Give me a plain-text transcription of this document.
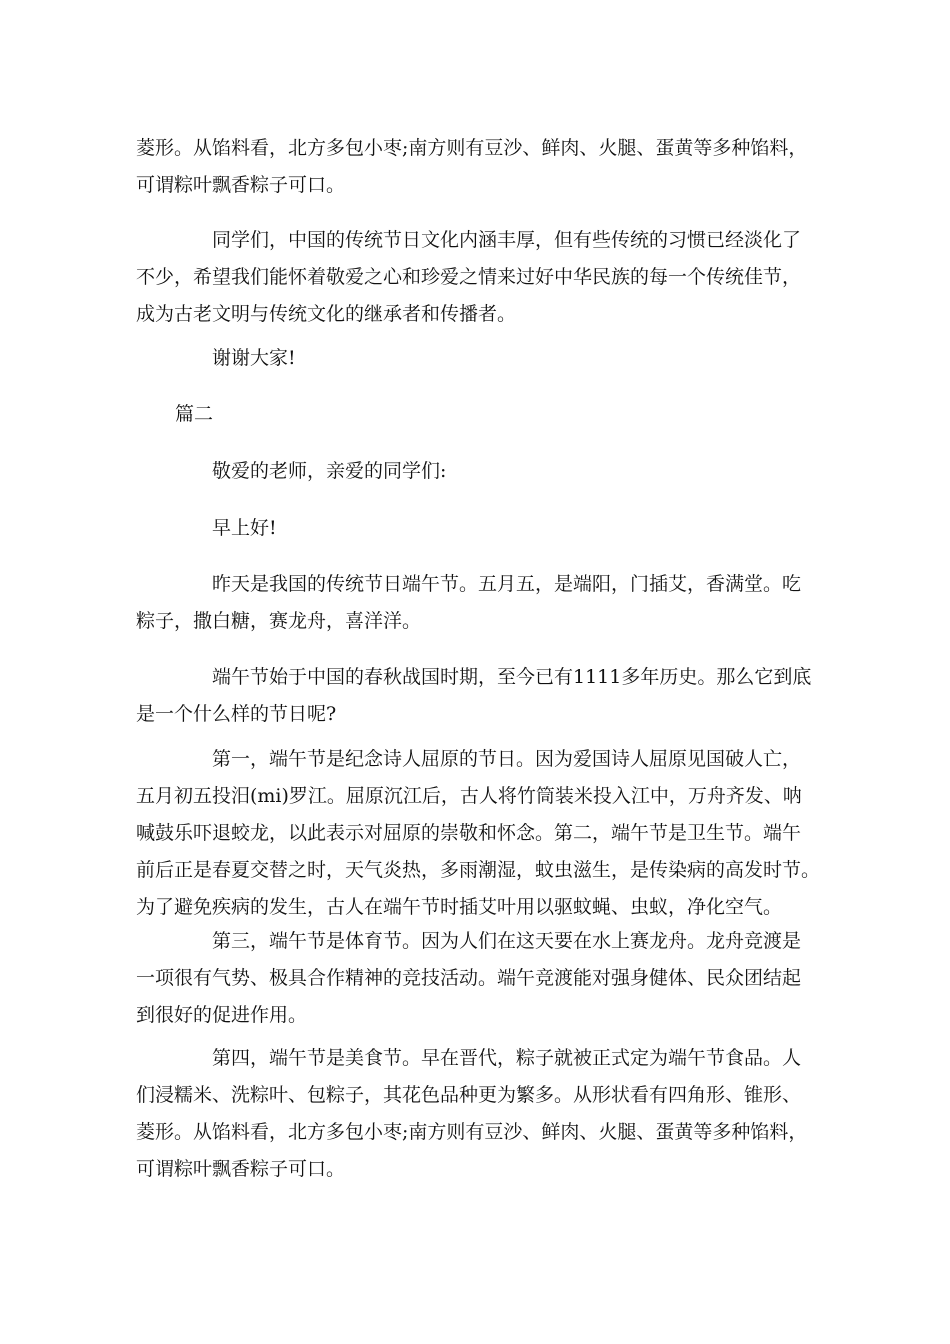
菱形。从馅料看，北方多包小枣;南方则有豆沙、鲜肉、火腿、蛋黄等多种馅料，
可谓粽叶飘香粽子可口。
同学们，中国的传统节日文化内涵丰厚，但有些传统的习惯已经淡化了
不少，希望我们能怀着敬爱之心和珍爱之情来过好中华民族的每一个传统佳节，
成为古老文明与传统文化的继承者和传播者。
谢谢大家!
篇二
敬爱的老师，亲爱的同学们:
早上好!
昨天是我国的传统节日端午节。五月五，是端阳，门插艾，香满堂。吃
粽子，撒白糖，赛龙舟，喜洋洋。
端午节始于中国的春秋战国时期，至今已有1111多年历史。那么它到底
是一个什么样的节日呢?
第一，端午节是纪念诗人屈原的节日。因为爱国诗人屈原见国破人亡，
五月初五投汨(mi)罗江。屈原沉江后，古人将竹筒装米投入江中，万舟齐发、呐
喊鼓乐吓退蛟龙，以此表示对屈原的崇敬和怀念。第二，端午节是卫生节。端午
前后正是春夏交替之时，天气炎热，多雨潮湿，蚊虫滋生，是传染病的高发时节。
为了避免疾病的发生，古人在端午节时插艾叶用以驱蚊蝇、虫蚁，净化空气。
第三，端午节是体育节。因为人们在这天要在水上赛龙舟。龙舟竞渡是
一项很有气势、极具合作精神的竞技活动。端午竞渡能对强身健体、民众团结起
到很好的促进作用。
第四，端午节是美食节。早在晋代，粽子就被正式定为端午节食品。人
们浸糯米、洗粽叶、包粽子，其花色品种更为繁多。从形状看有四角形、锥形、
菱形。从馅料看，北方多包小枣;南方则有豆沙、鲜肉、火腿、蛋黄等多种馅料，
可谓粽叶飘香粽子可口。
